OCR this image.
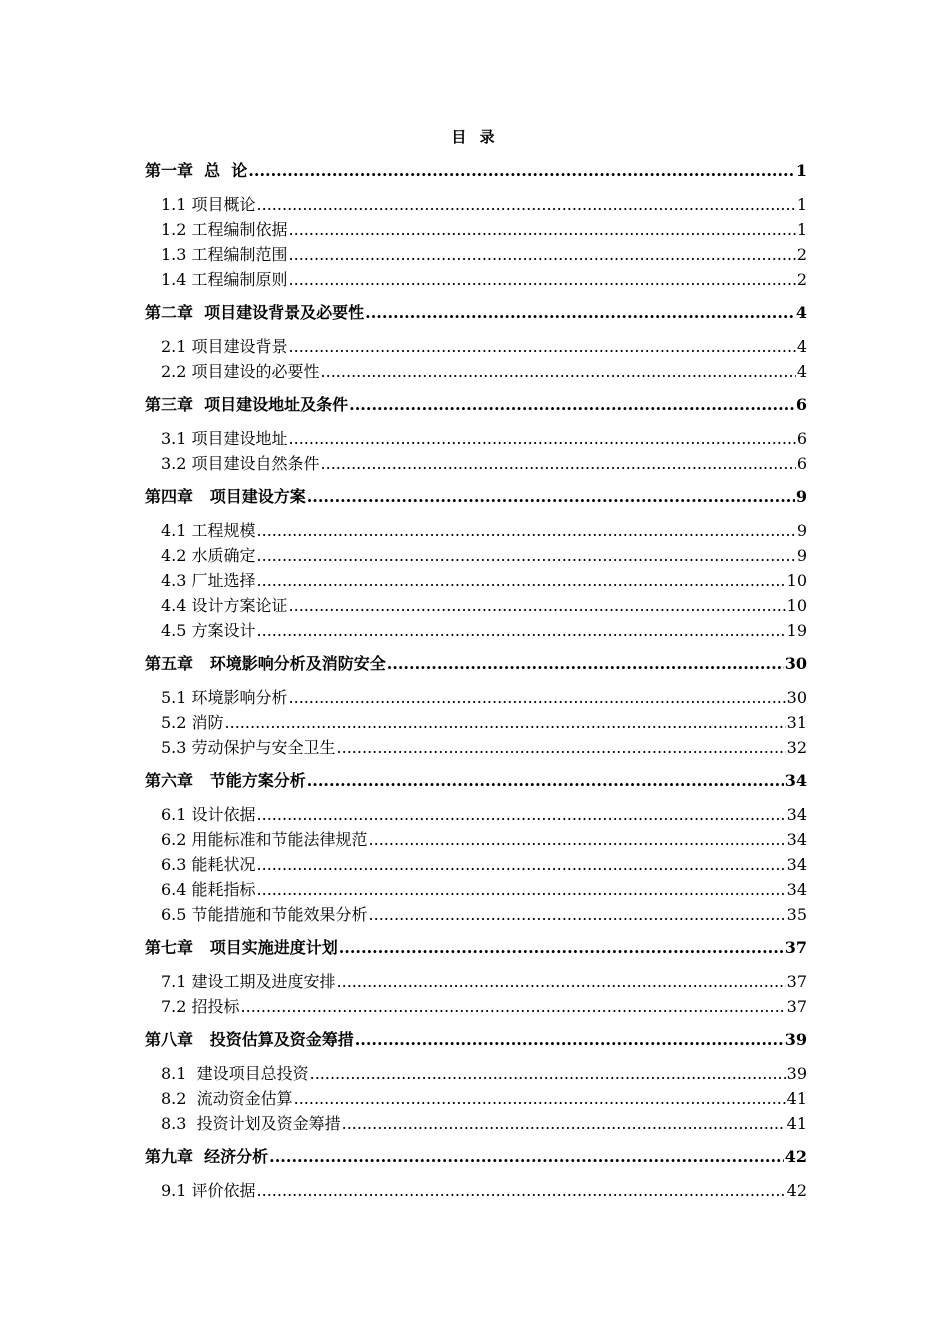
目 录
第一章  总  论 .....	1
1.1 项目概论 .....	1
1.2 工程编制依据 .....	1
1.3 工程编制范围 .....	2
1.4 工程编制原则 .....	2
第二章  项目建设背景及必要性 .....	4
2.1 项目建设背景 .....	4
2.2 项目建设的必要性 .....	4
第三章  项目建设地址及条件 .....	6
3.1 项目建设地址 .....	6
3.2 项目建设自然条件 .....	6
第四章   项目建设方案 .....	9
4.1 工程规模 .....	9
4.2 水质确定 .....	9
4.3 厂址选择 .....	10
4.4 设计方案论证 .....	10
4.5 方案设计 .....	19
第五章   环境影响分析及消防安全 .....	30
5.1 环境影响分析 .....	30
5.2 消防 .....	31
5.3 劳动保护与安全卫生 .....	32
第六章   节能方案分析 .....	34
6.1 设计依据 .....	34
6.2 用能标准和节能法律规范 .....	34
6.3 能耗状况 .....	34
6.4 能耗指标 .....	34
6.5 节能措施和节能效果分析 .....	35
第七章   项目实施进度计划 .....	37
7.1 建设工期及进度安排 .....	37
7.2 招投标 .....	37
第八章   投资估算及资金筹措 .....	39
8.1  建设项目总投资 .....	39
8.2  流动资金估算 .....	41
8.3  投资计划及资金筹措 .....	41
第九章  经济分析 .....	42
9.1 评价依据 .....	42
